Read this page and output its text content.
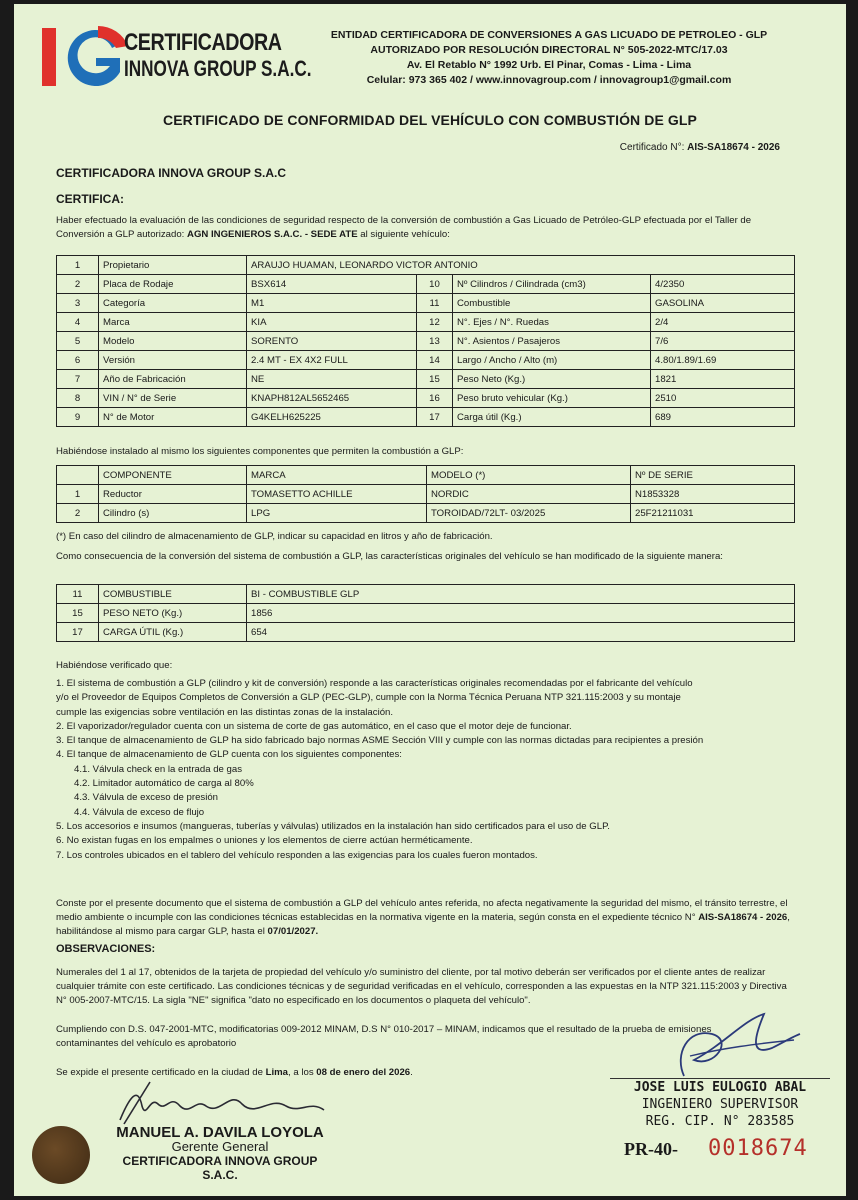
CERTIFICADORA
INNOVA GROUP S.A.C.
ENTIDAD CERTIFICADORA DE CONVERSIONES A GAS LICUADO DE PETROLEO - GLP
AUTORIZADO POR RESOLUCIÓN DIRECTORAL N° 505-2022-MTC/17.03
Av. El Retablo N° 1992 Urb. El Pinar, Comas - Lima - Lima
Celular: 973 365 402 / www.innovagroup.com / innovagroup1@gmail.com
CERTIFICADO DE CONFORMIDAD DEL VEHÍCULO CON COMBUSTIÓN DE GLP
Certificado N°: AIS-SA18674 - 2026
CERTIFICADORA INNOVA GROUP S.A.C
CERTIFICA:
Haber efectuado la evaluación de las condiciones de seguridad respecto de la conversión de combustión a Gas Licuado de Petróleo-GLP efectuada por el Taller de Conversión a GLP autorizado: AGN INGENIEROS S.A.C. - SEDE ATE al siguiente vehículo:
1	Propietario	ARAUJO HUAMAN, LEONARDO VICTOR ANTONIO			
2	Placa de Rodaje	BSX614	10	Nº Cilindros / Cilindrada (cm3)	4/2350
3	Categoría	M1	11	Combustible	GASOLINA
4	Marca	KIA	12	N°. Ejes / N°. Ruedas	2/4
5	Modelo	SORENTO	13	N°. Asientos / Pasajeros	7/6
6	Versión	2.4 MT - EX 4X2 FULL	14	Largo / Ancho / Alto (m)	4.80/1.89/1.69
7	Año de Fabricación	NE	15	Peso Neto (Kg.)	1821
8	VIN / N° de Serie	KNAPH812AL5652465	16	Peso bruto vehicular (Kg.)	2510
9	N° de Motor	G4KELH625225	17	Carga útil (Kg.)	689
Habiéndose instalado al mismo los siguientes componentes que permiten la combustión a GLP:
	COMPONENTE	MARCA	MODELO (*)	Nº DE SERIE
1	Reductor	TOMASETTO ACHILLE	NORDIC	N1853328
2	Cilindro (s)	LPG	TOROIDAD/72LT- 03/2025	25F21211031
(*) En caso del cilindro de almacenamiento de GLP, indicar su capacidad en litros y año de fabricación.
Como consecuencia de la conversión del sistema de combustión a GLP, las características originales del vehículo se han modificado de la siguiente manera:
11	COMBUSTIBLE	BI - COMBUSTIBLE GLP
15	PESO NETO (Kg.)	1856
17	CARGA ÚTIL (Kg.)	654
Habiéndose verificado que:
1. El sistema de combustión a GLP (cilindro y kit de conversión) responde a las características originales recomendadas por el fabricante del vehículo
y/o el Proveedor de Equipos Completos de Conversión a GLP (PEC-GLP), cumple con la Norma Técnica Peruana NTP 321.115:2003 y su montaje
cumple las exigencias sobre ventilación en las distintas zonas de la instalación.
2. El vaporizador/regulador cuenta con un sistema de corte de gas automático, en el caso que el motor deje de funcionar.
3. El tanque de almacenamiento de GLP ha sido fabricado bajo normas ASME Sección VIII y cumple con las normas dictadas para recipientes a presión
4. El tanque de almacenamiento de GLP cuenta con los siguientes componentes:
4.1. Válvula check en la entrada de gas
4.2. Limitador automático de carga al 80%
4.3. Válvula de exceso de presión
4.4. Válvula de exceso de flujo
5. Los accesorios e insumos (mangueras, tuberías y válvulas) utilizados en la instalación han sido certificados para el uso de GLP.
6. No existan fugas en los empalmes o uniones y los elementos de cierre actúan herméticamente.
7. Los controles ubicados en el tablero del vehículo responden a las exigencias para los cuales fueron montados.
Conste por el presente documento que el sistema de combustión a GLP del vehículo antes referida, no afecta negativamente la seguridad del mismo, el tránsito terrestre, el medio ambiente o incumple con las condiciones técnicas establecidas en la normativa vigente en la materia, según consta en el expediente técnico N° AIS-SA18674 - 2026, habilitándose al mismo para cargar GLP, hasta el 07/01/2027.
OBSERVACIONES:
Numerales del 1 al 17, obtenidos de la tarjeta de propiedad del vehículo y/o suministro del cliente, por tal motivo deberán ser verificados por el cliente antes de realizar cualquier trámite con este certificado. Las condiciones técnicas y de seguridad verificadas en el vehículo, corresponden a las expuestas en la NTP 321.115:2003 y Directiva N° 005-2007-MTC/15. La sigla "NE" significa "dato no especificado en los documentos o plaqueta del vehículo".
Cumpliendo con D.S. 047-2001-MTC, modificatorias 009-2012 MINAM, D.S N° 010-2017 – MINAM, indicamos que el resultado de la prueba de emisiones contaminantes del vehículo es aprobatorio
Se expide el presente certificado en la ciudad de Lima, a los 08 de enero del 2026.
MANUEL A. DAVILA LOYOLA
Gerente General
CERTIFICADORA INNOVA GROUP S.A.C.
JOSE LUIS EULOGIO ABAL
INGENIERO SUPERVISOR
REG. CIP. N° 283585
PR-40- 0018674
